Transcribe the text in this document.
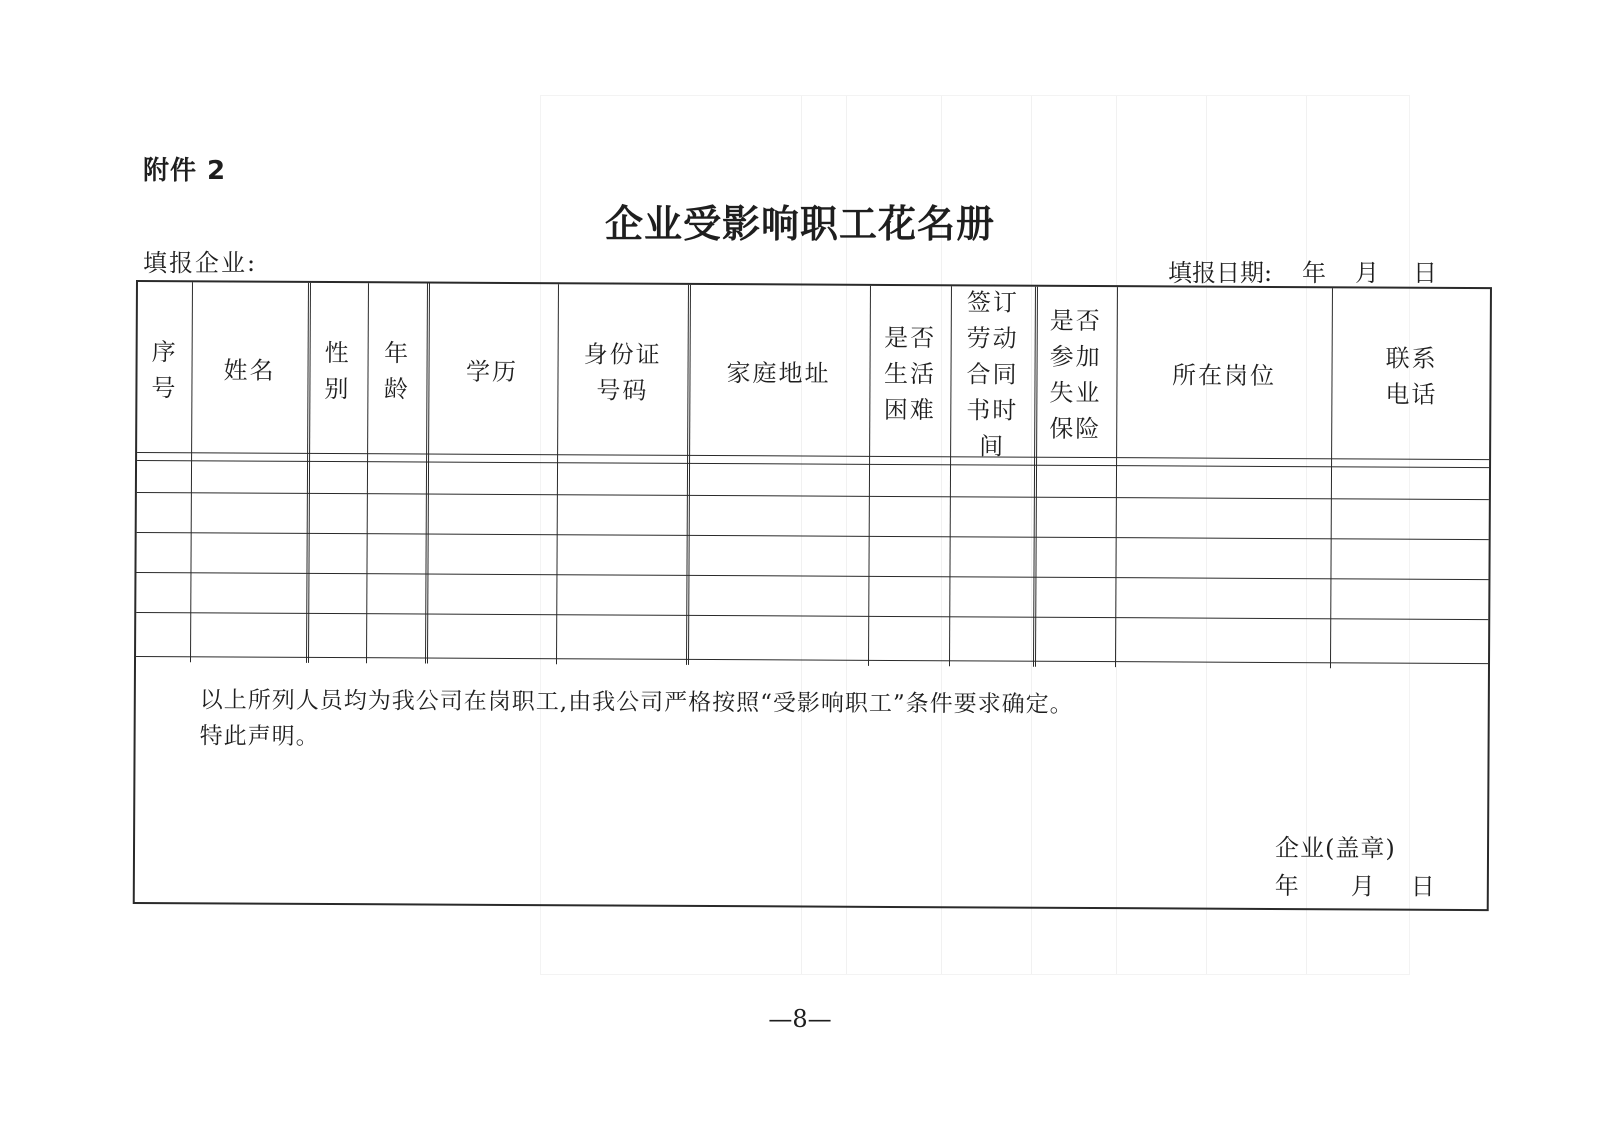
附件 2
企业受影响职工花名册
填报企业:	填报日期: 年 月 日
序
号
姓名
性
别
年
龄
学历
身份证
号码
家庭地址
是否
生活
困难
签订
劳动
合同
书时
间
是否
参加
失业
保险
所在岗位
联系
电话

以上所列人员均为我公司在岗职工,由我公司严格按照“受影响职工”条件要求确定。

特此声明。

企业(盖章)
年 月 日
—8—
